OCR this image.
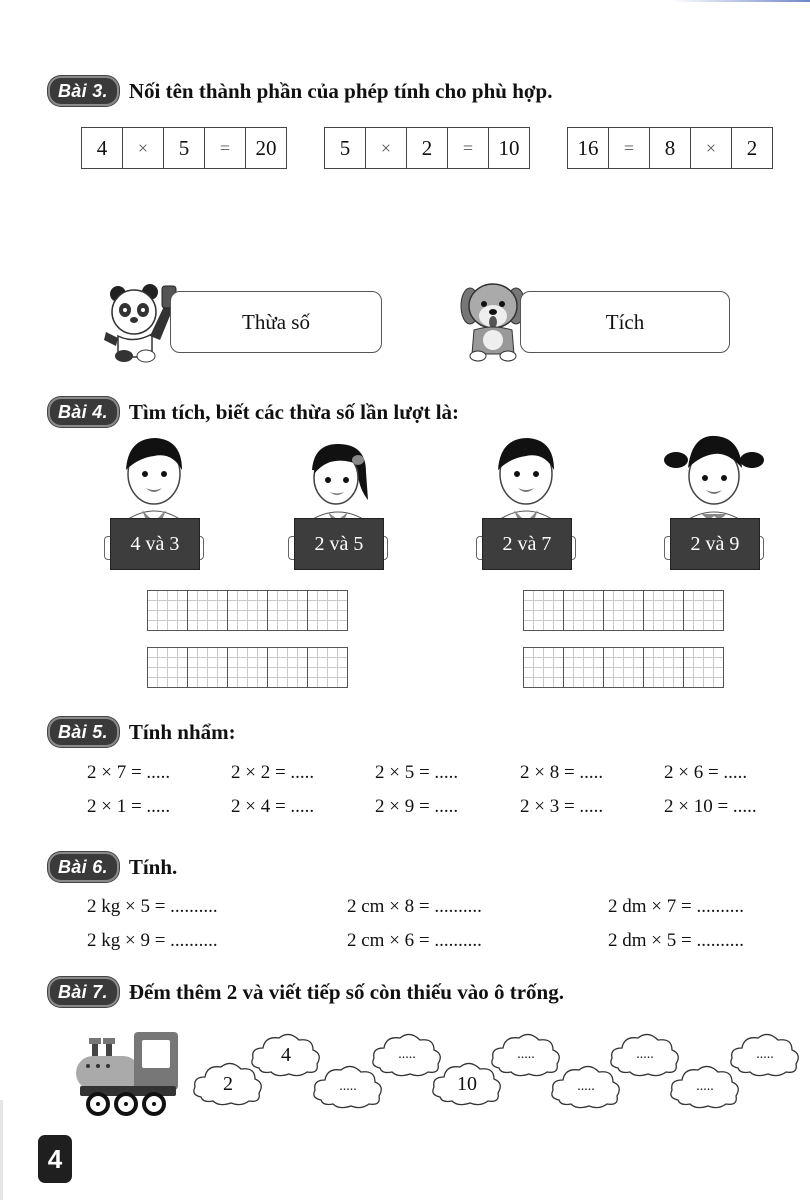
Bài 3.	Nối tên thành phần của phép tính cho phù hợp.
4	×	5	=	20	5	×	2	=	10	16	=	8	×	2
Thừa số	Tích
Bài 4.	Tìm tích, biết các thừa số lần lượt là:
4 và 3	2 và 5	2 và 7	2 và 9
Bài 5.	Tính nhẩm:
2 × 7 = .....	2 × 2 = .....	2 × 5 = .....	2 × 8 = .....	2 × 6 = .....
2 × 1 = .....	2 × 4 = .....	2 × 9 = .....	2 × 3 = .....	2 × 10 = .....
Bài 6.	Tính.
2 kg × 5 = ..........	2 cm × 8 = ..........	2 dm × 7 = ..........
2 kg × 9 = ..........	2 cm × 6 = ..........	2 dm × 5 = ..........
Bài 7.	Đếm thêm 2 và viết tiếp số còn thiếu vào ô trống.
2
4
.....
.....
10
.....
.....
.....
.....
.....
4
